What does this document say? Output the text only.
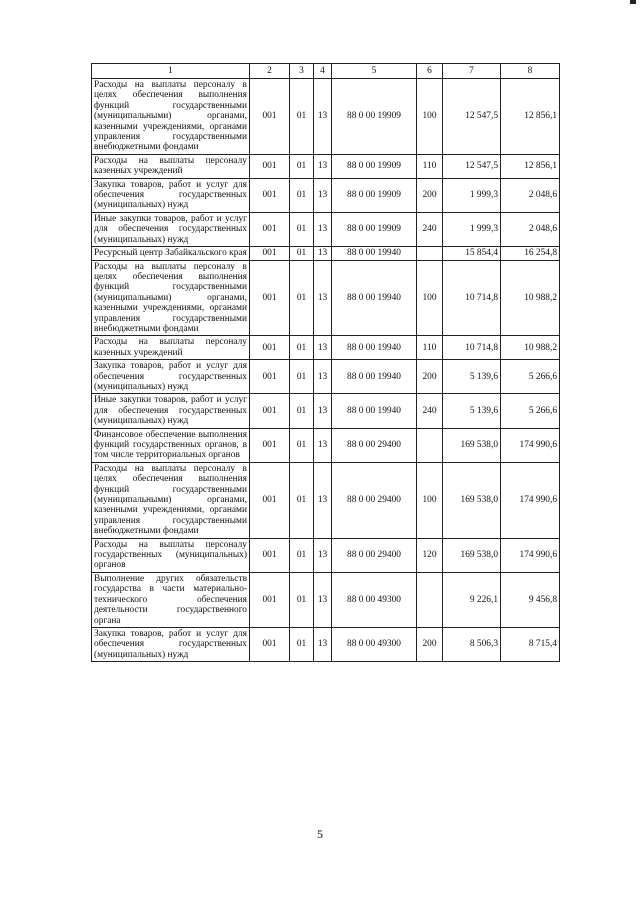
1	2	3	4	5	6	7	8
Расходы на выплаты персоналу в целях обеспечения выполнения функций государственными (муниципальными) органами, казенными учреждениями, органами управления государственными внебюджетными фондами	001	01	13	88 0 00 19909	100	12 547,5	12 856,1
Расходы на выплаты персоналу казенных учреждений	001	01	13	88 0 00 19909	110	12 547,5	12 856,1
Закупка товаров, работ и услуг для обеспечения государственных (муниципальных) нужд	001	01	13	88 0 00 19909	200	1 999,3	2 048,6
Иные закупки товаров, работ и услуг для обеспечения государственных (муниципальных) нужд	001	01	13	88 0 00 19909	240	1 999,3	2 048,6
Ресурсный центр Забайкальского края	001	01	13	88 0 00 19940		15 854,4	16 254,8
Расходы на выплаты персоналу в целях обеспечения выполнения функций государственными (муниципальными) органами, казенными учреждениями, органами управления государственными внебюджетными фондами	001	01	13	88 0 00 19940	100	10 714,8	10 988,2
Расходы на выплаты персоналу казенных учреждений	001	01	13	88 0 00 19940	110	10 714,8	10 988,2
Закупка товаров, работ и услуг для обеспечения государственных (муниципальных) нужд	001	01	13	88 0 00 19940	200	5 139,6	5 266,6
Иные закупки товаров, работ и услуг для обеспечения государственных (муниципальных) нужд	001	01	13	88 0 00 19940	240	5 139,6	5 266,6
Финансовое обеспечение выполнения функций государственных органов, в том числе территориальных органов	001	01	13	88 0 00 29400		169 538,0	174 990,6
Расходы на выплаты персоналу в целях обеспечения выполнения функций государственными (муниципальными) органами, казенными учреждениями, органами управления государственными внебюджетными фондами	001	01	13	88 0 00 29400	100	169 538,0	174 990,6
Расходы на выплаты персоналу государственных (муниципальных) органов	001	01	13	88 0 00 29400	120	169 538,0	174 990,6
Выполнение других обязательств государства в части материально-технического обеспечения деятельности государственного органа	001	01	13	88 0 00 49300		9 226,1	9 456,8
Закупка товаров, работ и услуг для обеспечения государственных (муниципальных) нужд	001	01	13	88 0 00 49300	200	8 506,3	8 715,4
5
